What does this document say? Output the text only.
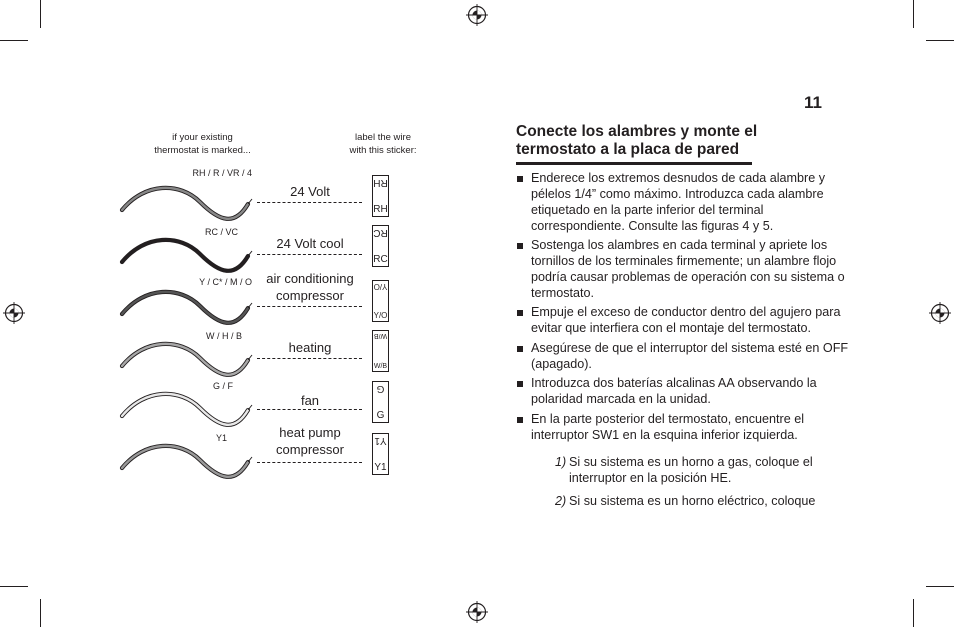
if your existing
thermostat is marked...
label the wire
with this sticker:
RH / R / VR / 4
24 Volt
RH
RH
RC / VC
24 Volt cool
RC
RC
Y / C* / M / O	air conditioning
compressor
Y/O
Y/O
W / H / B
heating
W/B
W/B
G / F
fan
G
G
Y1	heat pump
compressor
Y1
Y1
11
Conecte los alambres y monte el
termostato a la placa de pared
Enderece los extremos desnudos de cada alambre y pélelos 1/4” como máximo. Introduzca cada alambre etiquetado en la parte inferior del terminal correspondiente. Consulte las figuras 4 y 5.
Sostenga los alambres en cada terminal y apriete los tornillos de los terminales firmemente; un alambre flojo podría causar problemas de operación con su sistema o termostato.
Empuje el exceso de conductor dentro del agujero para evitar que interfiera con el montaje del termostato.
Asegúrese de que el interruptor del sistema esté en OFF (apagado).
Introduzca dos baterías alcalinas AA observando la polaridad marcada en la unidad.
En la parte posterior del termostato, encuentre el interruptor SW1 en la esquina inferior izquierda.
1) Si su sistema es un horno a gas, coloque el interruptor en la posición HE.
2) Si su sistema es un horno eléctrico, coloque
